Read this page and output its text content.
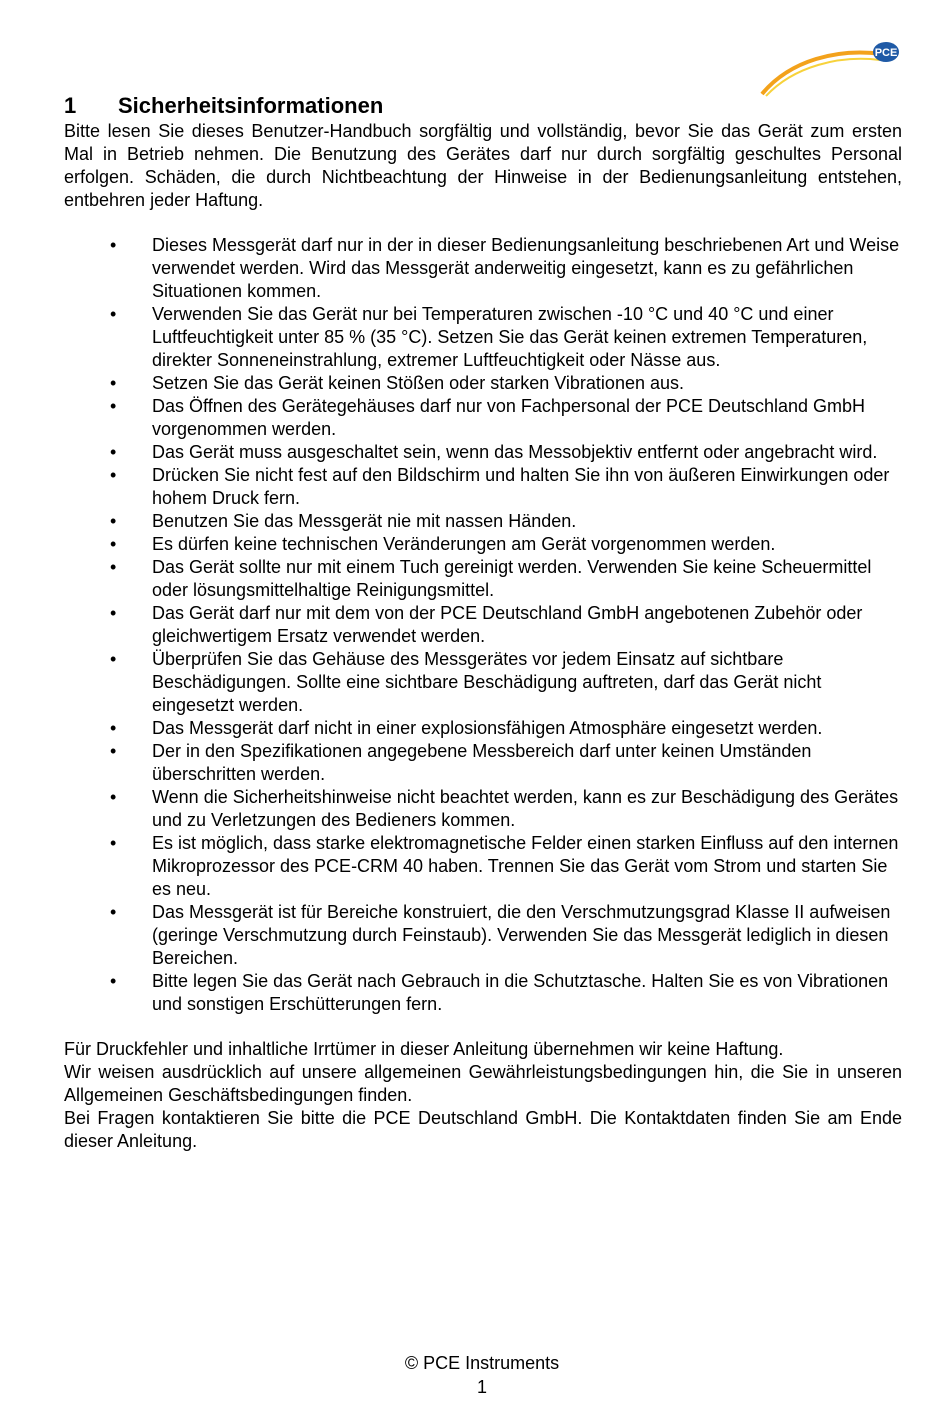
PCE
1 Sicherheitsinformationen

Bitte lesen Sie dieses Benutzer-Handbuch sorgfältig und vollständig, bevor Sie das Gerät zum ersten Mal in Betrieb nehmen. Die Benutzung des Gerätes darf nur durch sorgfältig geschultes Personal erfolgen. Schäden, die durch Nichtbeachtung der Hinweise in der Bedienungsanleitung entstehen, entbehren jeder Haftung.

• Dieses Messgerät darf nur in der in dieser Bedienungsanleitung beschriebenen Art und Weise verwendet werden. Wird das Messgerät anderweitig eingesetzt, kann es zu gefährlichen Situationen kommen.
• Verwenden Sie das Gerät nur bei Temperaturen zwischen -10 °C und 40 °C und einer Luftfeuchtigkeit unter 85 % (35 °C). Setzen Sie das Gerät keinen extremen Temperaturen, direkter Sonneneinstrahlung, extremer Luftfeuchtigkeit oder Nässe aus.
• Setzen Sie das Gerät keinen Stößen oder starken Vibrationen aus.
• Das Öffnen des Gerätegehäuses darf nur von Fachpersonal der PCE Deutschland GmbH vorgenommen werden.
• Das Gerät muss ausgeschaltet sein, wenn das Messobjektiv entfernt oder angebracht wird.
• Drücken Sie nicht fest auf den Bildschirm und halten Sie ihn von äußeren Einwirkungen oder hohem Druck fern.
• Benutzen Sie das Messgerät nie mit nassen Händen.
• Es dürfen keine technischen Veränderungen am Gerät vorgenommen werden.
• Das Gerät sollte nur mit einem Tuch gereinigt werden. Verwenden Sie keine Scheuermittel oder lösungsmittelhaltige Reinigungsmittel.
• Das Gerät darf nur mit dem von der PCE Deutschland GmbH angebotenen Zubehör oder gleichwertigem Ersatz verwendet werden.
• Überprüfen Sie das Gehäuse des Messgerätes vor jedem Einsatz auf sichtbare Beschädigungen. Sollte eine sichtbare Beschädigung auftreten, darf das Gerät nicht eingesetzt werden.
• Das Messgerät darf nicht in einer explosionsfähigen Atmosphäre eingesetzt werden.
• Der in den Spezifikationen angegebene Messbereich darf unter keinen Umständen überschritten werden.
• Wenn die Sicherheitshinweise nicht beachtet werden, kann es zur Beschädigung des Gerätes und zu Verletzungen des Bedieners kommen.
• Es ist möglich, dass starke elektromagnetische Felder einen starken Einfluss auf den internen Mikroprozessor des PCE-CRM 40 haben. Trennen Sie das Gerät vom Strom und starten Sie es neu.
• Das Messgerät ist für Bereiche konstruiert, die den Verschmutzungsgrad Klasse II aufweisen (geringe Verschmutzung durch Feinstaub). Verwenden Sie das Messgerät lediglich in diesen Bereichen.
• Bitte legen Sie das Gerät nach Gebrauch in die Schutztasche. Halten Sie es von Vibrationen und sonstigen Erschütterungen fern.

Für Druckfehler und inhaltliche Irrtümer in dieser Anleitung übernehmen wir keine Haftung.

Wir weisen ausdrücklich auf unsere allgemeinen Gewährleistungsbedingungen hin, die Sie in unseren Allgemeinen Geschäftsbedingungen finden.

Bei Fragen kontaktieren Sie bitte die PCE Deutschland GmbH. Die Kontaktdaten finden Sie am Ende dieser Anleitung.

© PCE Instruments
1
